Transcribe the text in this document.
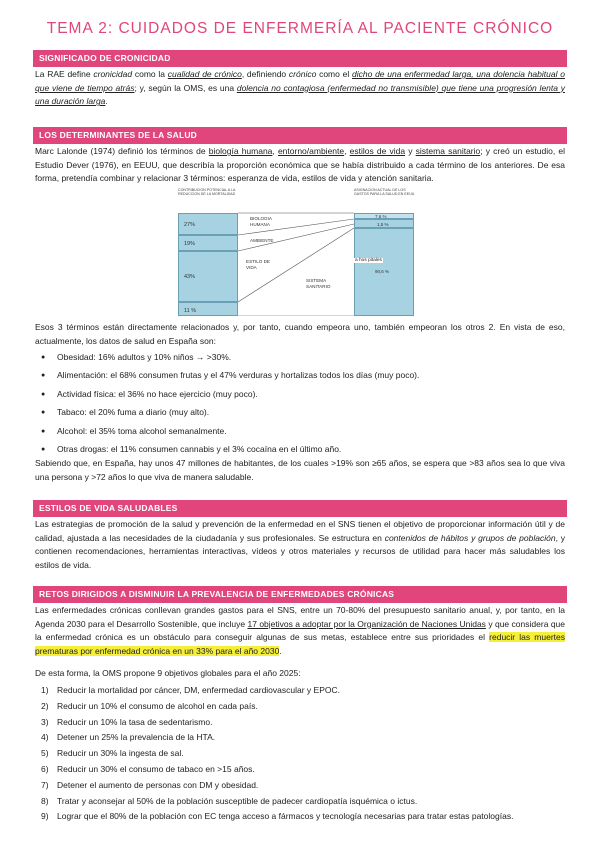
TEMA 2: CUIDADOS DE ENFERMERÍA AL PACIENTE CRÓNICO
SIGNIFICADO DE CRONICIDAD
La RAE define cronicidad como la cualidad de crónico, definiendo crónico como el dicho de una enfermedad larga, una dolencia habitual o que viene de tiempo atrás; y, según la OMS, es una dolencia no contagiosa (enfermedad no transmisible) que tiene una progresión lenta y una duración larga.
LOS DETERMINANTES DE LA SALUD
Marc Lalonde (1974) definió los términos de biología humana, entorno/ambiente, estilos de vida y sistema sanitario; y creó un estudio, el Estudio Dever (1976), en EEUU, que describía la proporción económica que se había distribuido a cada término de los anteriores. De esa forma, pretendía combinar y relacionar 3 términos: esperanza de vida, estilos de vida y atención sanitaria.
CONTRIBUCION POTENCIAL A LA REDUCCION DE LA MORTALIDAD
ASIGNACION ACTUAL DE LOS GASTOS PARA LA SALUD EN EEUU
27%
19%
43%
11 %
7,6 %
1,5 %
90,6 %
BIOLOGIA HUMANA
AMBIENTE
ESTILO DE VIDA
SISTEMA SANITARIO
a hos pitales
Esos 3 términos están directamente relacionados y, por tanto, cuando empeora uno, también empeoran los otros 2. En vista de eso, actualmente, los datos de salud en España son:
● Obesidad: 16% adultos y 10% niños → >30%.
● Alimentación: el 68% consumen frutas y el 47% verduras y hortalizas todos los días (muy poco).
● Actividad física: el 36% no hace ejercicio (muy poco).
● Tabaco: el 20% fuma a diario (muy alto).
● Alcohol: el 35% toma alcohol semanalmente.
● Otras drogas: el 11% consumen cannabis y el 3% cocaína en el último año.
Sabiendo que, en España, hay unos 47 millones de habitantes, de los cuales >19% son ≥65 años, se espera que >83 años sea lo que viva una persona y >72 años lo que viva de manera saludable.
ESTILOS DE VIDA SALUDABLES
Las estrategias de promoción de la salud y prevención de la enfermedad en el SNS tienen el objetivo de proporcionar información útil y de calidad, ajustada a las necesidades de la ciudadanía y sus profesionales. Se estructura en contenidos de hábitos y grupos de población, y contienen recomendaciones, herramientas interactivas, vídeos y otros materiales y recursos de utilidad para hacer más saludables los estilos de vida.
RETOS DIRIGIDOS A DISMINUIR LA PREVALENCIA DE ENFERMEDADES CRÓNICAS
Las enfermedades crónicas conllevan grandes gastos para el SNS, entre un 70-80% del presupuesto sanitario anual, y, por tanto, en la Agenda 2030 para el Desarrollo Sostenible, que incluye 17 objetivos a adoptar por la Organización de Naciones Unidas y que considera que la enfermedad crónica es un obstáculo para conseguir algunas de sus metas, establece entre sus prioridades el reducir las muertes prematuras por enfermedad crónica en un 33% para el año 2030.
De esta forma, la OMS propone 9 objetivos globales para el año 2025:
1) Reducir la mortalidad por cáncer, DM, enfermedad cardiovascular y EPOC.
2) Reducir un 10% el consumo de alcohol en cada país.
3) Reducir un 10% la tasa de sedentarismo.
4) Detener un 25% la prevalencia de la HTA.
5) Reducir un 30% la ingesta de sal.
6) Reducir un 30% el consumo de tabaco en >15 años.
7) Detener el aumento de personas con DM y obesidad.
8) Tratar y aconsejar al 50% de la población susceptible de padecer cardiopatía isquémica o ictus.
9) Lograr que el 80% de la población con EC tenga acceso a fármacos y tecnología necesarias para tratar estas patologías.
